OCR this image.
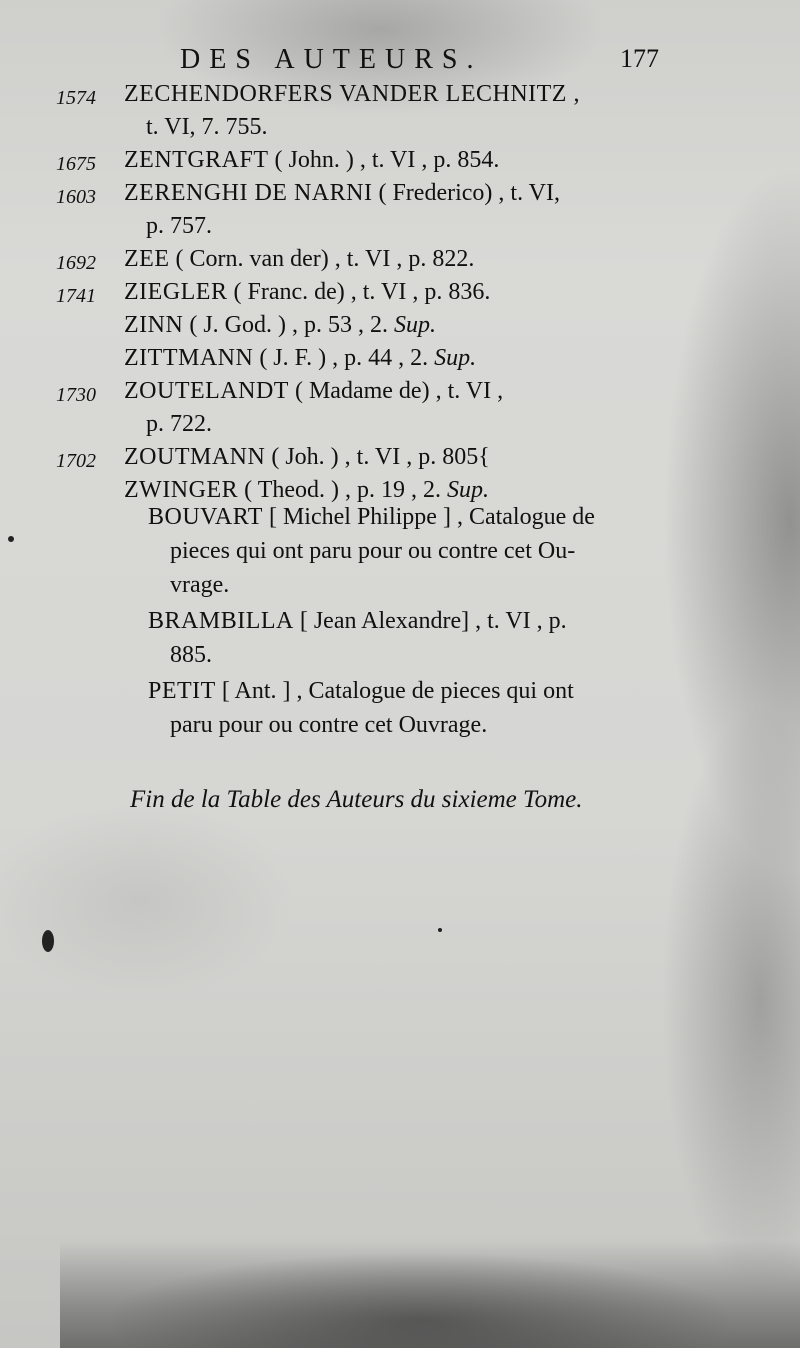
DES AUTEURS.	177
1574	ZECHENDORFERS VANDER LECHNITZ ,
t. VI, 7. 755.
1675	ZENTGRAFT ( John. ) , t. VI , p. 854.
1603	ZERENGHI DE NARNI ( Frederico) , t. VI,
p. 757.
1692	ZEE ( Corn. van der) , t. VI , p. 822.
1741	ZIEGLER ( Franc. de) , t. VI , p. 836.
ZINN ( J. God. ) , p. 53 , 2. Sup.
ZITTMANN ( J. F. ) , p. 44 , 2. Sup.
1730	ZOUTELANDT ( Madame de) , t. VI ,
p. 722.
1702	ZOUTMANN ( Joh. ) , t. VI , p. 805{
ZWINGER ( Theod. ) , p. 19 , 2. Sup.
BOUVART [ Michel Philippe ] , Catalogue de
pieces qui ont paru pour ou contre cet Ou-
vrage.
BRAMBILLA [ Jean Alexandre] , t. VI , p.
885.
PETIT [ Ant. ] , Catalogue de pieces qui ont
paru pour ou contre cet Ouvrage.
Fin de la Table des Auteurs du sixieme Tome.
